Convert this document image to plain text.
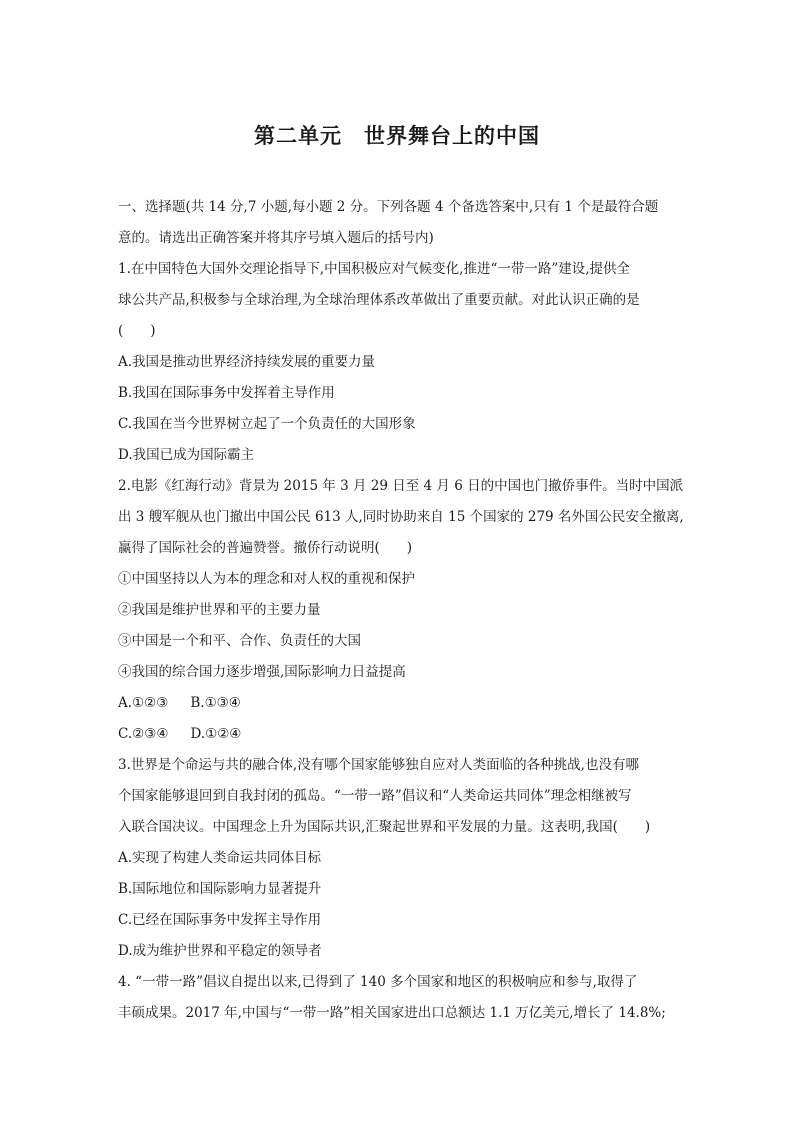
第二单元　世界舞台上的中国
一、选择题(共 14 分,7 小题,每小题 2 分。下列各题 4 个备选答案中,只有 1 个是最符合题
意的。请选出正确答案并将其序号填入题后的括号内)
1.在中国特色大国外交理论指导下,中国积极应对气候变化,推进“一带一路”建设,提供全
球公共产品,积极参与全球治理,为全球治理体系改革做出了重要贡献。对此认识正确的是
(　　)
A.我国是推动世界经济持续发展的重要力量
B.我国在国际事务中发挥着主导作用
C.我国在当今世界树立起了一个负责任的大国形象
D.我国已成为国际霸主
2.电影《红海行动》背景为 2015 年 3 月 29 日至 4 月 6 日的中国也门撤侨事件。当时中国派
出 3 艘军舰从也门撤出中国公民 613 人,同时协助来自 15 个国家的 279 名外国公民安全撤离,
赢得了国际社会的普遍赞誉。撤侨行动说明(　　)
①中国坚持以人为本的理念和对人权的重视和保护
②我国是维护世界和平的主要力量
③中国是一个和平、合作、负责任的大国
④我国的综合国力逐步增强,国际影响力日益提高
A.①②③ B.①③④
C.②③④ D.①②④
3.世界是个命运与共的融合体,没有哪个国家能够独自应对人类面临的各种挑战,也没有哪
个国家能够退回到自我封闭的孤岛。“一带一路”倡议和“人类命运共同体”理念相继被写
入联合国决议。中国理念上升为国际共识,汇聚起世界和平发展的力量。这表明,我国(　　)
A.实现了构建人类命运共同体目标
B.国际地位和国际影响力显著提升
C.已经在国际事务中发挥主导作用
D.成为维护世界和平稳定的领导者
4. “一带一路”倡议自提出以来,已得到了 140 多个国家和地区的积极响应和参与,取得了
丰硕成果。2017 年,中国与“一带一路”相关国家进出口总额达 1.1 万亿美元,增长了 14.8%;
